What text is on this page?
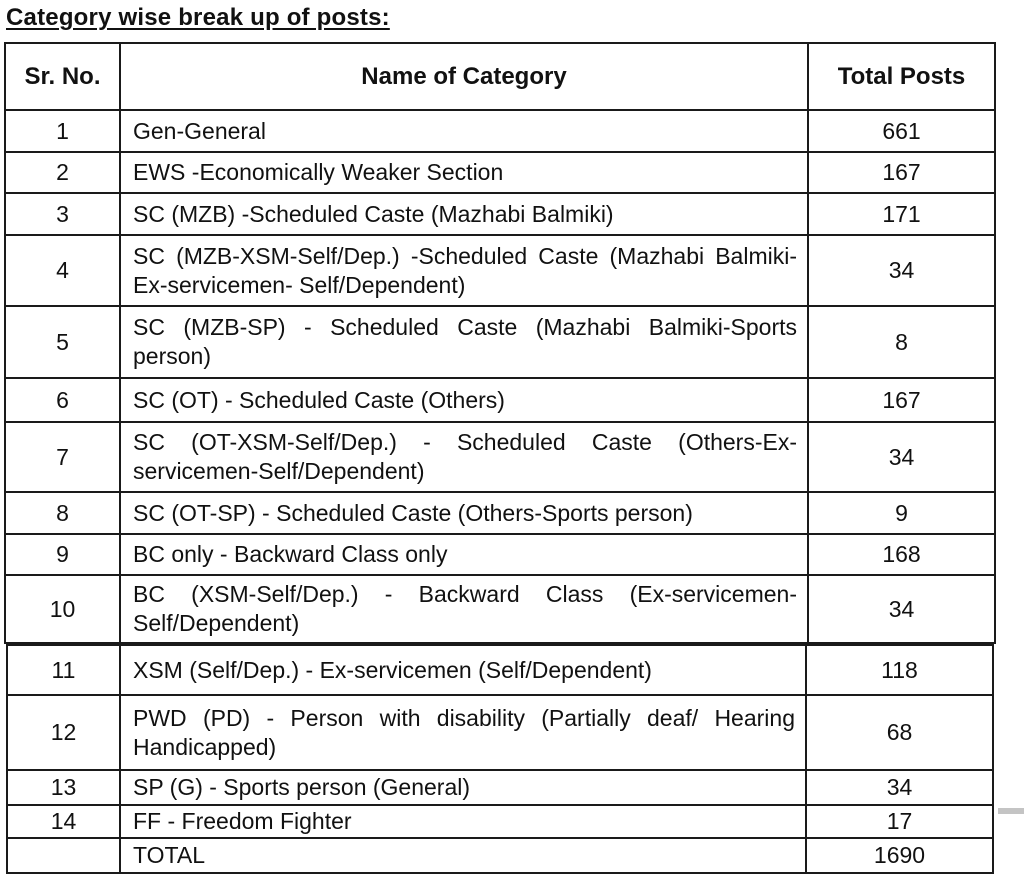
Category wise break up of posts:
Sr. No.	Name of Category	Total Posts
1	Gen-General	661
2	EWS -Economically Weaker Section	167
3	SC (MZB) -Scheduled Caste (Mazhabi Balmiki)	171
4	SC (MZB-XSM-Self/Dep.) -Scheduled Caste (Mazhabi Balmiki-Ex-servicemen- Self/Dependent)	34
5	SC (MZB-SP) - Scheduled Caste (Mazhabi Balmiki-Sports person)	8
6	SC (OT) - Scheduled Caste (Others)	167
7	SC (OT-XSM-Self/Dep.) - Scheduled Caste (Others-Ex-servicemen-Self/Dependent)	34
8	SC (OT-SP) - Scheduled Caste (Others-Sports person)	9
9	BC only - Backward Class only	168
10	BC (XSM-Self/Dep.) - Backward Class (Ex-servicemen-Self/Dependent)	34
11	XSM (Self/Dep.) - Ex-servicemen (Self/Dependent)	118
12	PWD (PD) - Person with disability (Partially deaf/ Hearing Handicapped)	68
13	SP (G) - Sports person (General)	34
14	FF - Freedom Fighter	17
	TOTAL	1690
